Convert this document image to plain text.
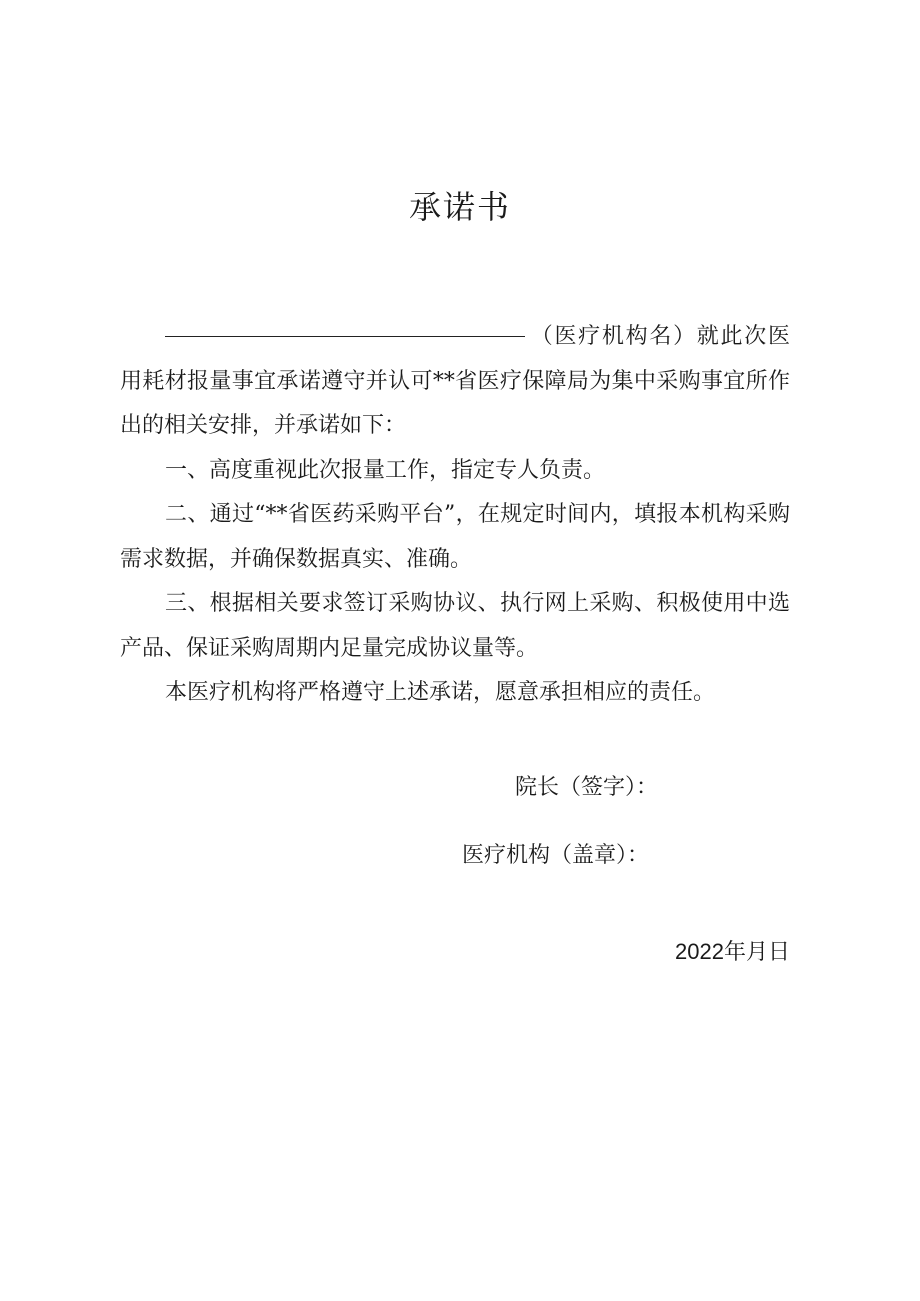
承诺书

（医疗机构名）就此次医用耗材报量事宜承诺遵守并认可**省医疗保障局为集中采购事宜所作出的相关安排，并承诺如下：

一、高度重视此次报量工作，指定专人负责。

二、通过“**省医药采购平台”，在规定时间内，填报本机构采购需求数据，并确保数据真实、准确。

三、根据相关要求签订采购协议、执行网上采购、积极使用中选产品、保证采购周期内足量完成协议量等。

本医疗机构将严格遵守上述承诺，愿意承担相应的责任。

院长（签字）：
医疗机构（盖章）：
2022年月日
